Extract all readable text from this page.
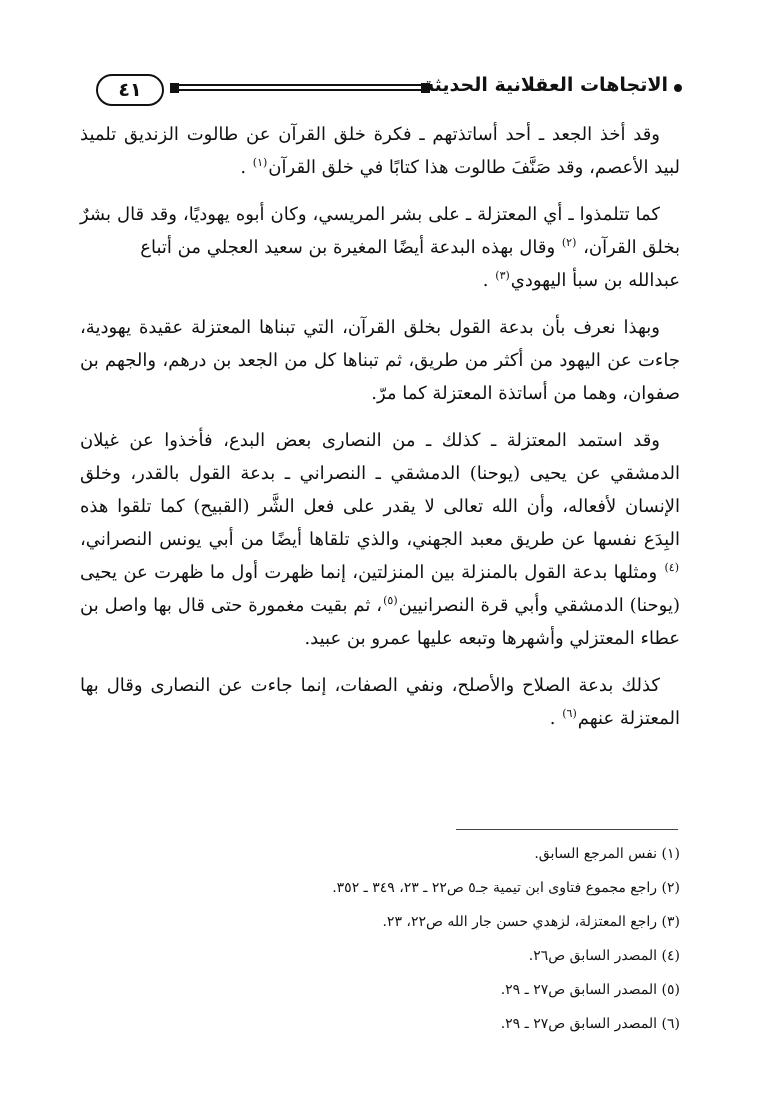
٤١	الاتجاهات العقلانية الحديثة

وقد أخذ الجعد ـ أحد أساتذتهم ـ فكرة خلق القرآن عن طالوت الزنديق تلميذ لبيد الأعصم، وقد صَنَّفَ طالوت هذا كتابًا في خلق القرآن$^{(١)}$ .

كما تتلمذوا ـ أي المعتزلة ـ على بشر المريسي، وكان أبوه يهوديًا، وقد قال بشرٌ بخلق القرآن، $^{(٢)}$ وقال بهذه البدعة أيضًا المغيرة بن سعيد العجلي من أتباع

عبدالله بن سبأ اليهودي$^{(٣)}$ .

وبهذا نعرف بأن بدعة القول بخلق القرآن، التي تبناها المعتزلة عقيدة يهودية، جاءت عن اليهود من أكثر من طريق، ثم تبناها كل من الجعد بن درهم، والجهم بن صفوان، وهما من أساتذة المعتزلة كما مرّ.

وقد استمد المعتزلة ـ كذلك ـ من النصارى بعض البدع، فأخذوا عن غيلان الدمشقي عن يحيى (يوحنا) الدمشقي ـ النصراني ـ بدعة القول بالقدر، وخلق الإنسان لأفعاله، وأن الله تعالى لا يقدر على فعل الشَّر (القبيح) كما تلقوا هذه البِدَع نفسها عن طريق معبد الجهني، والذي تلقاها أيضًا من أبي يونس النصراني، $^{(٤)}$ ومثلها بدعة القول بالمنزلة بين المنزلتين، إنما ظهرت أول ما ظهرت عن يحيى (يوحنا) الدمشقي وأبي قرة النصرانيين$^{(٥)}$، ثم بقيت مغمورة حتى قال بها واصل بن عطاء المعتزلي وأشهرها وتبعه عليها عمرو بن عبيد.

كذلك بدعة الصلاح والأصلح، ونفي الصفات، إنما جاءت عن النصارى وقال بها المعتزلة عنهم$^{(٦)}$ .

(١) نفس المرجع السابق.
(٢) راجع مجموع فتاوى ابن تيمية جـ٥ ص٢٢ ـ ٢٣، ٣٤٩ ـ ٣٥٢.
(٣) راجع المعتزلة، لزهدي حسن جار الله ص٢٢، ٢٣.
(٤) المصدر السابق ص٢٦.
(٥) المصدر السابق ص٢٧ ـ ٢٩.
(٦) المصدر السابق ص٢٧ ـ ٢٩.
